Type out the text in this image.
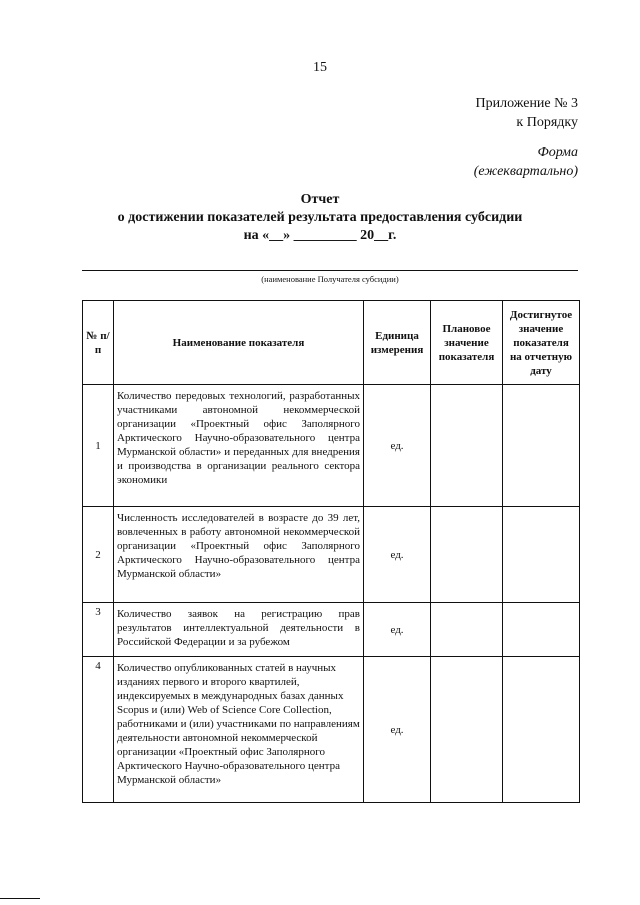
15
Приложение № 3
к Порядку
Форма
(ежеквартально)
Отчет
о достижении показателей результата предоставления субсидии
на «__» _________ 20__г.
(наименование Получателя субсидии)
№ п/п	Наименование показателя	Единица измерения	Плановое значение показателя	Достигнутое значение показателя на отчетную дату
1	Количество передовых технологий, разработанных участниками автономной некоммерческой организации «Проектный офис Заполярного Арктического Научно-образовательного центра Мурманской области» и переданных для внедрения и производства в организации реального сектора экономики	ед.		
2	Численность исследователей в возрасте до 39 лет, вовлеченных в работу автономной некоммерческой организации «Проектный офис Заполярного Арктического Научно-образовательного центра Мурманской области»	ед.		
3	Количество заявок на регистрацию прав результатов интеллектуальной деятельности в Российской Федерации и за рубежом	ед.		
4	Количество опубликованных статей в научных изданиях первого и второго квартилей, индексируемых в международных базах данных Scopus и (или) Web of Science Core Collection, работниками и (или) участниками по направлениям деятельности автономной некоммерческой организации «Проектный офис Заполярного Арктического Научно-образовательного центра Мурманской области»	ед.		
